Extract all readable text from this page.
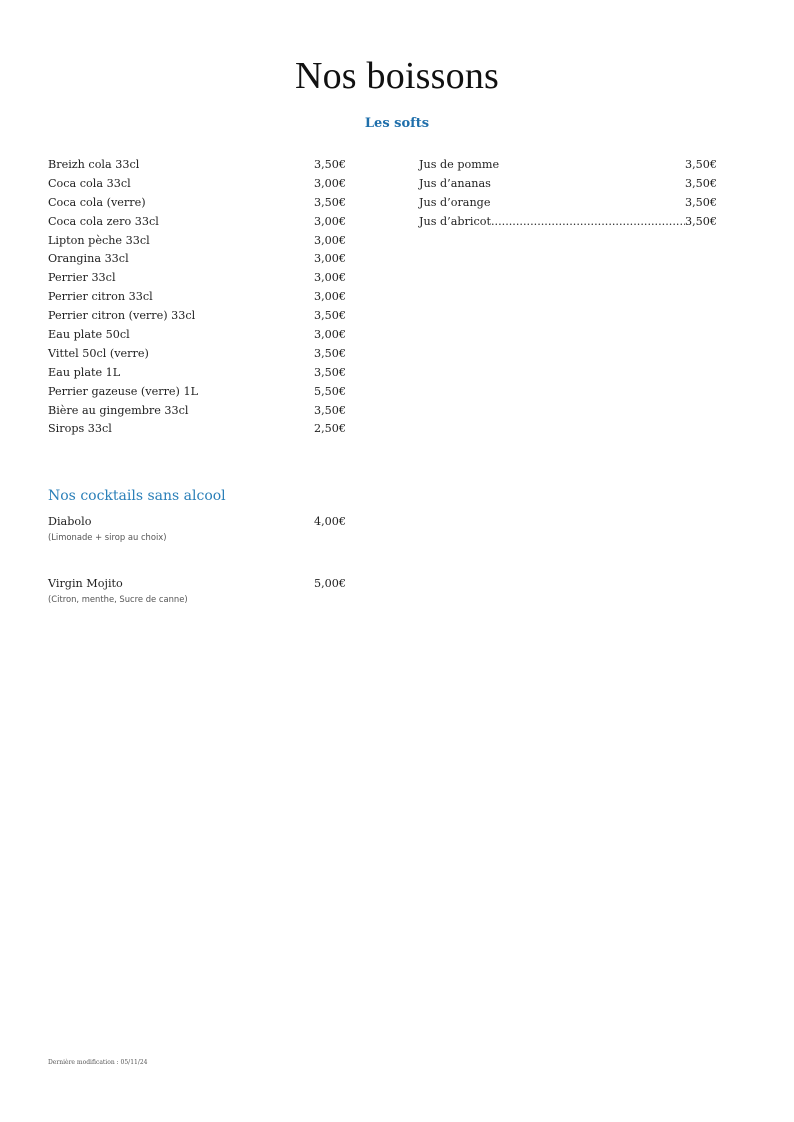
Nos boissons
Les softs
Breizh cola 33cl	3,50€
Coca cola 33cl	3,00€
Coca cola (verre)	3,50€
Coca cola zero 33cl	3,00€
Lipton pèche 33cl	3,00€
Orangina 33cl	3,00€
Perrier 33cl	3,00€
Perrier citron 33cl	3,00€
Perrier citron (verre) 33cl	3,50€
Eau plate 50cl	3,00€
Vittel 50cl (verre)	3,50€
Eau plate 1L	3,50€
Perrier gazeuse (verre) 1L	5,50€
Bière au gingembre 33cl	3,50€
Sirops 33cl	2,50€
Jus de pomme	3,50€
Jus d’ananas	3,50€
Jus d’orange	3,50€
Jus d’abricot .....	3,50€
Nos cocktails sans alcool
Diabolo	4,00€
(Limonade + sirop au choix)
Virgin Mojito	5,00€
(Citron, menthe, Sucre de canne)
Dernière modification : 05/11/24
